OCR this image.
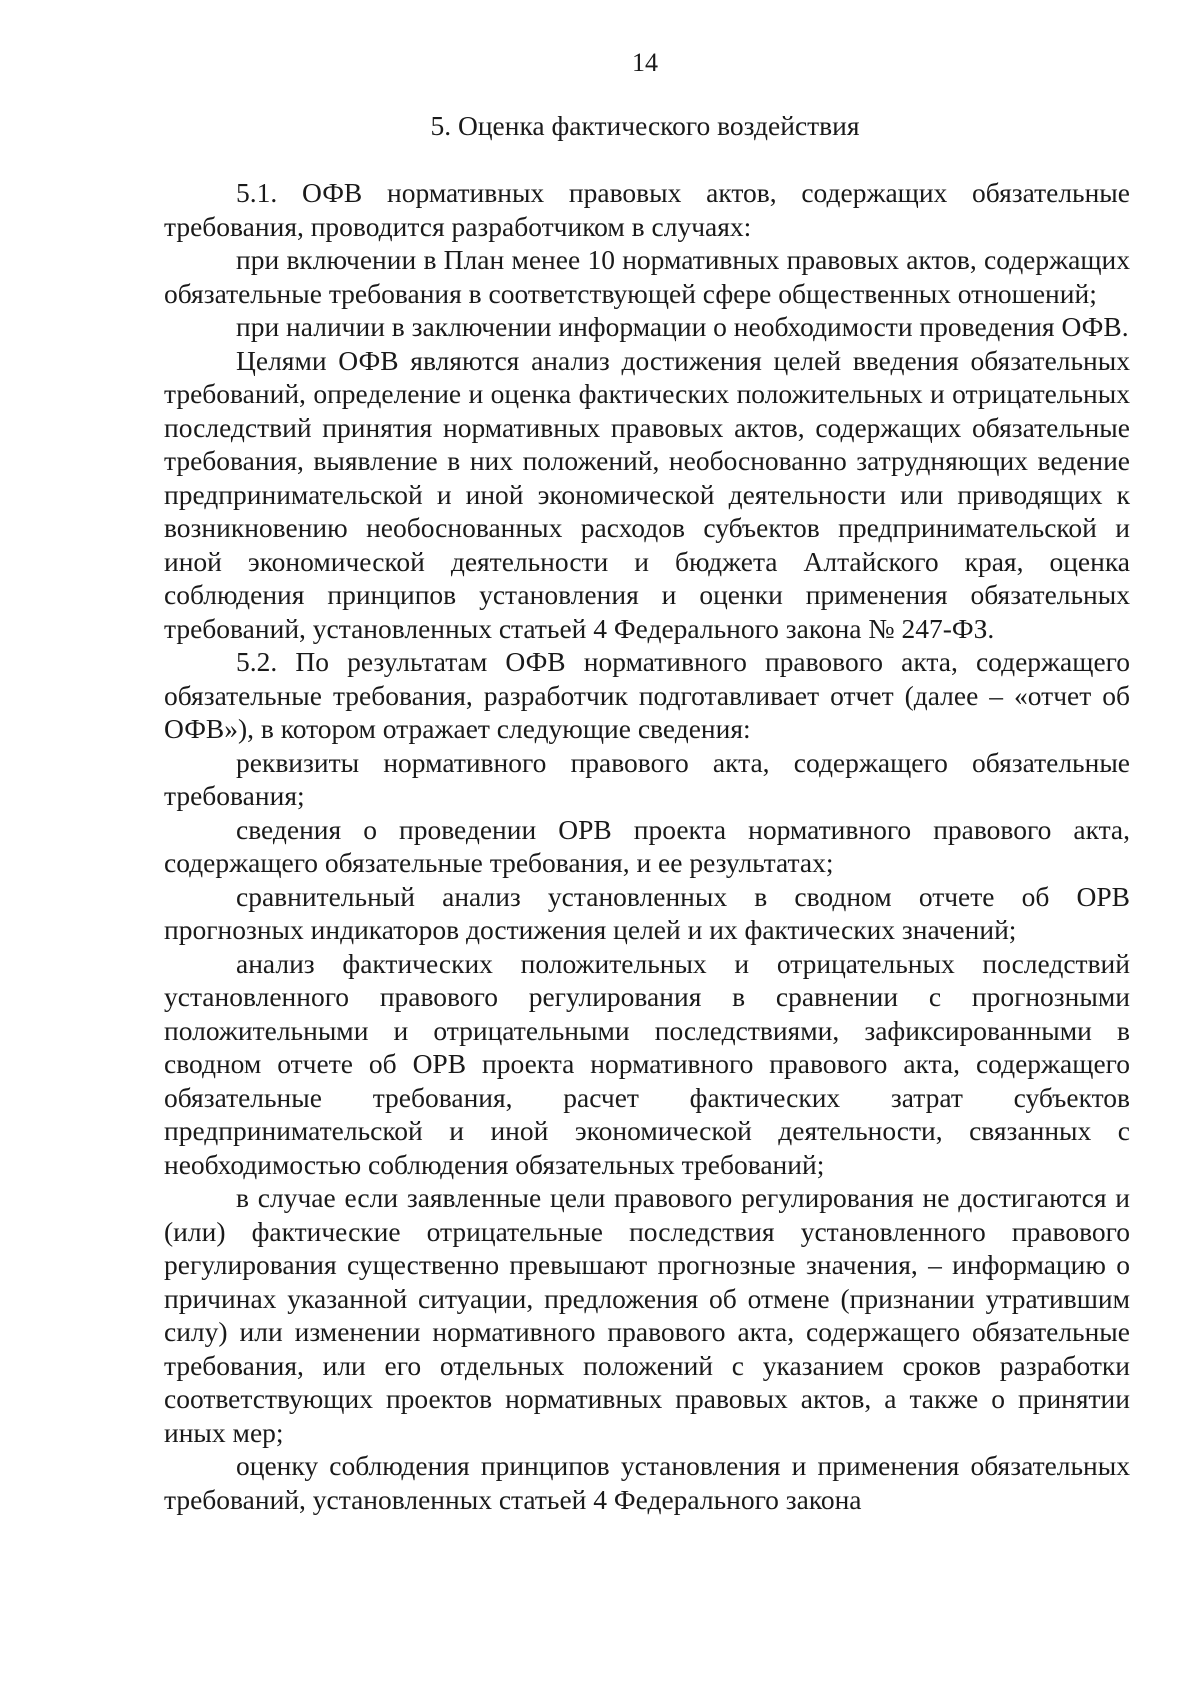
14
5. Оценка фактического воздействия

5.1. ОФВ нормативных правовых актов, содержащих обязательные требования, проводится разработчиком в случаях:

при включении в План менее 10 нормативных правовых актов, содержащих обязательные требования в соответствующей сфере общественных отношений;

при наличии в заключении информации о необходимости проведения ОФВ.

Целями ОФВ являются анализ достижения целей введения обязательных требований, определение и оценка фактических положительных и отрицательных последствий принятия нормативных правовых актов, содержащих обязательные требования, выявление в них положений, необоснованно затрудняющих ведение предпринимательской и иной экономической деятельности или приводящих к возникновению необоснованных расходов субъектов предпринимательской и иной экономической деятельности и бюджета Алтайского края, оценка соблюдения принципов установления и оценки применения обязательных требований, установленных статьей 4 Федерального закона № 247-ФЗ.

5.2. По результатам ОФВ нормативного правового акта, содержащего обязательные требования, разработчик подготавливает отчет (далее – «отчет об ОФВ»), в котором отражает следующие сведения:

реквизиты нормативного правового акта, содержащего обязательные требования;

сведения о проведении ОРВ проекта нормативного правового акта, содержащего обязательные требования, и ее результатах;

сравнительный анализ установленных в сводном отчете об ОРВ прогнозных индикаторов достижения целей и их фактических значений;

анализ фактических положительных и отрицательных последствий установленного правового регулирования в сравнении с прогнозными положительными и отрицательными последствиями, зафиксированными в сводном отчете об ОРВ проекта нормативного правового акта, содержащего обязательные требования, расчет фактических затрат субъектов предпринимательской и иной экономической деятельности, связанных с необходимостью соблюдения обязательных требований;

в случае если заявленные цели правового регулирования не достигаются и (или) фактические отрицательные последствия установленного правового регулирования существенно превышают прогнозные значения, – информацию о причинах указанной ситуации, предложения об отмене (признании утратившим силу) или изменении нормативного правового акта, содержащего обязательные требования, или его отдельных положений с указанием сроков разработки соответствующих проектов нормативных правовых актов, а также о принятии иных мер;

оценку соблюдения принципов установления и применения обязательных требований, установленных статьей 4 Федерального закона
